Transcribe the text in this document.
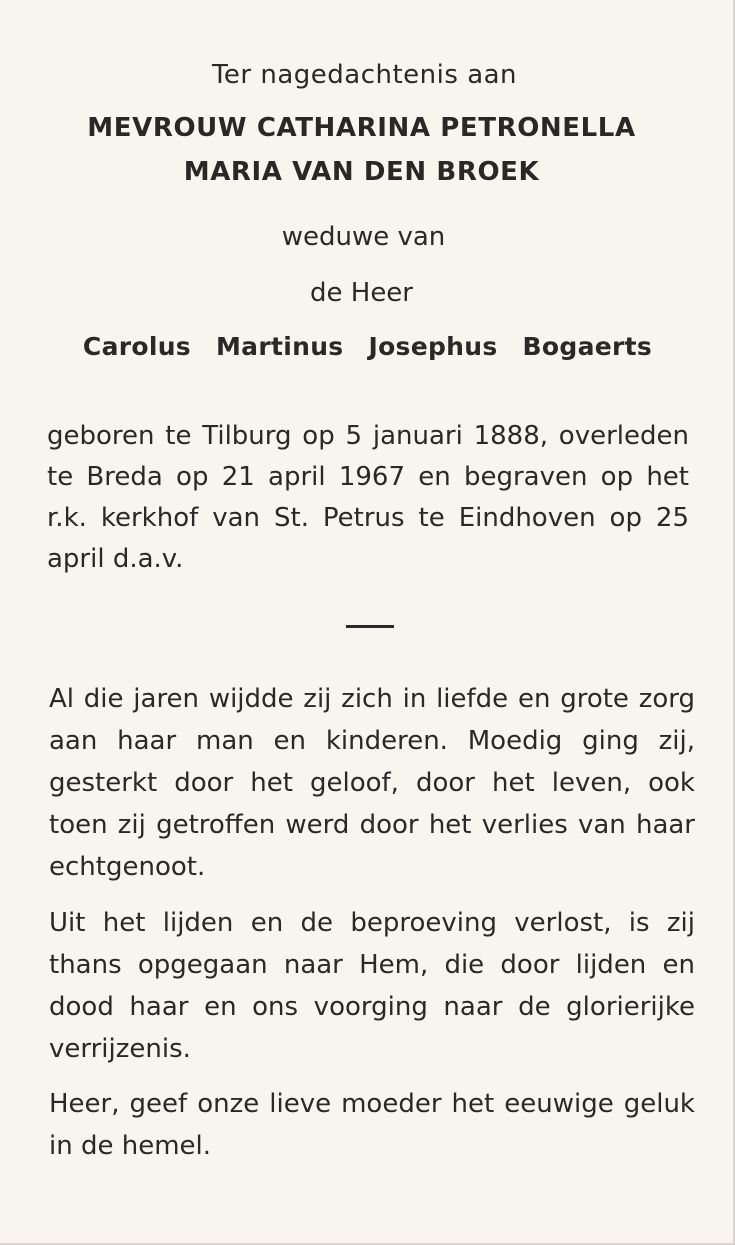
Ter nagedachtenis aan
MEVROUW CATHARINA PETRONELLA
MARIA VAN DEN BROEK
weduwe van
de Heer
Carolus Martinus Josephus Bogaerts
geboren te Tilburg op 5 januari 1888, overleden te Breda op 21 april 1967 en begraven op het r.k. kerkhof van St. Petrus te Eindhoven op 25 april d.a.v.
Al die jaren wijdde zij zich in liefde en grote zorg aan haar man en kinderen. Moedig ging zij, gesterkt door het geloof, door het leven, ook toen zij getroffen werd door het verlies van haar echtgenoot.
Uit het lijden en de beproeving verlost, is zij thans opgegaan naar Hem, die door lijden en dood haar en ons voorging naar de glorierijke verrijzenis.
Heer, geef onze lieve moeder het eeuwige geluk in de hemel.
